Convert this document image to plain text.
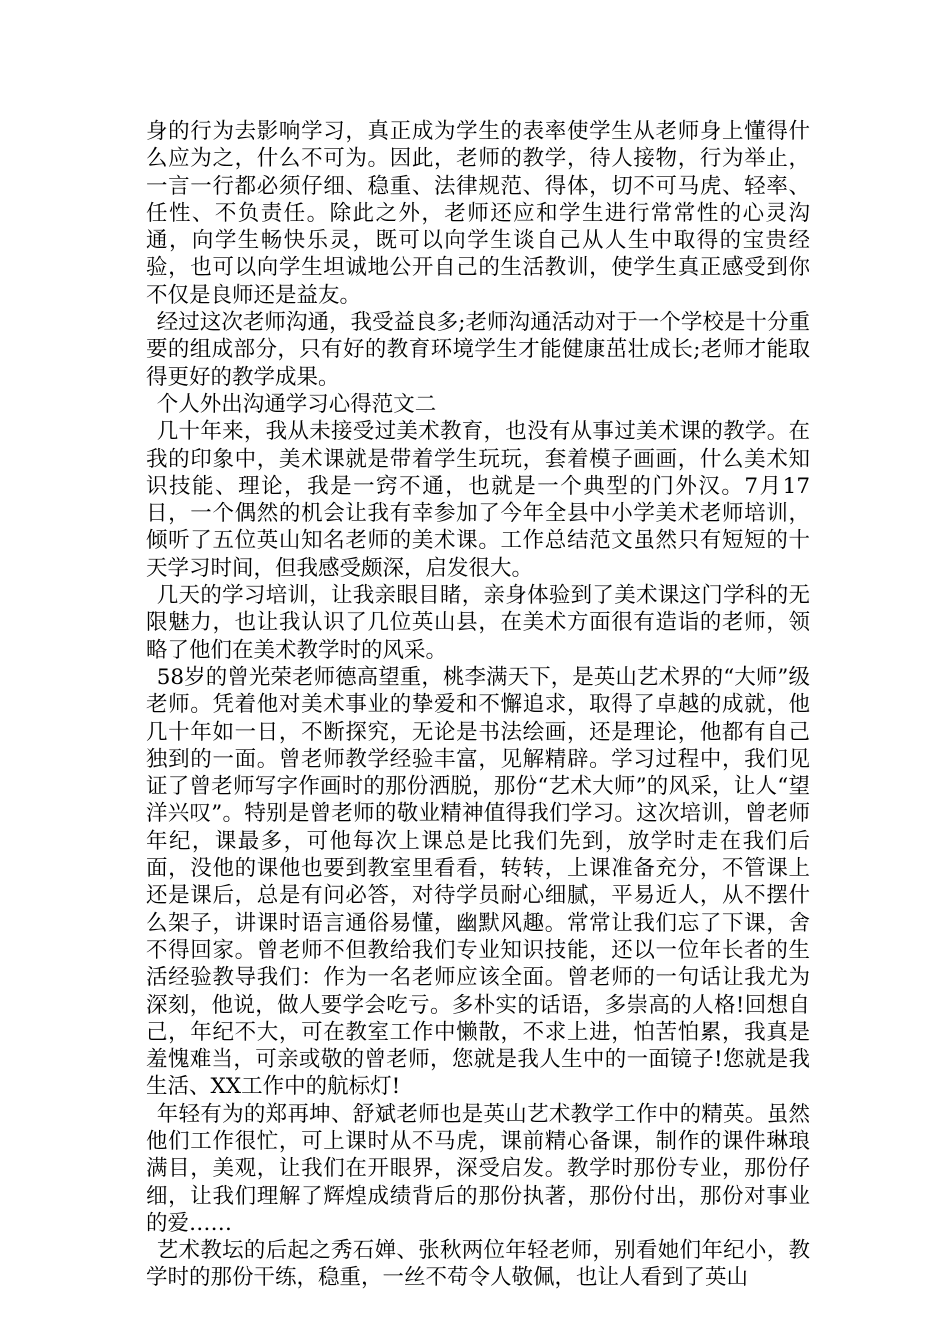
身的行为去影响学习，真正成为学生的表率使学生从老师身上懂得什么应为之，什么不可为。因此，老师的教学，待人接物，行为举止，一言一行都必须仔细、稳重、法律规范、得体，切不可马虎、轻率、任性、不负责任。除此之外，老师还应和学生进行常常性的心灵沟通，向学生畅快乐灵，既可以向学生谈自己从人生中取得的宝贵经验，也可以向学生坦诚地公开自己的生活教训，使学生真正感受到你不仅是良师还是益友。

经过这次老师沟通，我受益良多;老师沟通活动对于一个学校是十分重要的组成部分，只有好的教育环境学生才能健康茁壮成长;老师才能取得更好的教学成果。

个人外出沟通学习心得范文二

几十年来，我从未接受过美术教育，也没有从事过美术课的教学。在我的印象中，美术课就是带着学生玩玩，套着模子画画，什么美术知识技能、理论，我是一窍不通，也就是一个典型的门外汉。7月17日，一个偶然的机会让我有幸参加了今年全县中小学美术老师培训，倾听了五位英山知名老师的美术课。工作总结范文虽然只有短短的十天学习时间，但我感受颇深，启发很大。

几天的学习培训，让我亲眼目睹，亲身体验到了美术课这门学科的无限魅力，也让我认识了几位英山县，在美术方面很有造诣的老师，领略了他们在美术教学时的风采。

58岁的曾光荣老师德高望重，桃李满天下，是英山艺术界的“大师”级老师。凭着他对美术事业的挚爱和不懈追求，取得了卓越的成就，他几十年如一日，不断探究，无论是书法绘画，还是理论，他都有自己独到的一面。曾老师教学经验丰富，见解精辟。学习过程中，我们见证了曾老师写字作画时的那份洒脱，那份“艺术大师”的风采，让人“望洋兴叹”。特别是曾老师的敬业精神值得我们学习。这次培训，曾老师年纪，课最多，可他每次上课总是比我们先到，放学时走在我们后面，没他的课他也要到教室里看看，转转，上课准备充分，不管课上还是课后，总是有问必答，对待学员耐心细腻，平易近人，从不摆什么架子，讲课时语言通俗易懂，幽默风趣。常常让我们忘了下课，舍不得回家。曾老师不但教给我们专业知识技能，还以一位年长者的生活经验教导我们：作为一名老师应该全面。曾老师的一句话让我尤为深刻，他说，做人要学会吃亏。多朴实的话语，多崇高的人格!回想自己，年纪不大，可在教室工作中懒散，不求上进，怕苦怕累，我真是羞愧难当，可亲或敬的曾老师，您就是我人生中的一面镜子!您就是我生活、XX工作中的航标灯!

年轻有为的郑再坤、舒斌老师也是英山艺术教学工作中的精英。虽然他们工作很忙，可上课时从不马虎，课前精心备课，制作的课件琳琅满目，美观，让我们在开眼界，深受启发。教学时那份专业，那份仔细，让我们理解了辉煌成绩背后的那份执著，那份付出，那份对事业的爱……

艺术教坛的后起之秀石婵、张秋两位年轻老师，别看她们年纪小，教学时的那份干练，稳重，一丝不苟令人敬佩，也让人看到了英山
